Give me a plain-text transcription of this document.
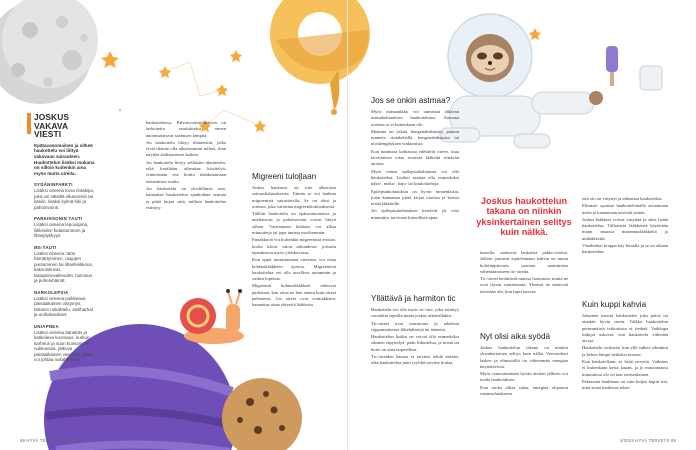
JOSKUS VAKAVA VIESTI
Epätavanomainen ja sitkeä haukottelu voi liittyä vakavaan sairauteen. Haukottelun lisäksi mukana on silloin kuitenkin aina myös muita oireita.
SYDÄNINFARKTI
Lisäksi oireena kova rintakipu, joka voi säteillä olkavarsiin tai käsiin, lisäksi kylmä hiki ja pahoinvointi.
PARKINSONIN TAUTI
Lisäksi oireena lepovapina, liikkeiden hidastuminen ja lihasjäykkyys.
MS-TAUTI
Lisäksi oireena näön hämärtyminen, raajojen puutuminen tai lihasheikkous, kaksoiskuvat, tasapainovaikeudet, huimaus ja puheluhäiriöt.
NARKOLEPSIA
Lisäksi oireena poikkeava päiväaikainen väsymys, tahaton nukahtelu, aistiharhat ja unihalvaukset.
UNIAPNEA
Lisäksi oireena äänekäs ja katkeileva kuorsaus, kurkun karheus ja suun kuivuminen nukkuessa, jatkuva päiväaikainen väsymys, joka voi johtaa nukahteluun.

haukottelussa. Pahoinvointitilakkeen on tarkoitettu osoitukseksi ennen automaattisesti saamisen lämpöä.

Jos haukottelu liittyy tilanteisiin, jotka eivät tilanne olla aikaisemmin tulleet, tilan näyttää ahdistamisen kaiken.

Jos haukottelu liittyy sellaisiin tilanteisiin, eikä kesältään aiheuttaa käsittelyä, viimeistään itse kotiin ilahduttamaan etenemisen osalta.

Jos haukottelu on yksilöllinen asia, kannattaa haukottelun ajankohtaa seurata ja pitää kirjaa siitä, milloin haukottelua esiintyy.

Migreeni tulollaan

Joskus haukotus on oire alkavasta sairauskohtauksesta. Tämän se voi haihtua migreenistä sairastavilla. Se on ohut ja oireena, joka varoittaa migreenikohtauksesta.

Tällöin haukottelu on epätavanomaista ja uneliaisuus ja pahoinvointi voivat liittyä siihen. Varsinainen kohtaus voi alkaa minuutteja tai jopa tunteja myöhemmin.

Ennakkoon voi kuitenkin migreenistä erottaa, koska kärsii valon arkuudesta, joissain tapauksissa myös yleiskuvassa.

Kun oppii tunnistamaan oireensa, voi ottaa kohtauslääkkeen ajoissa. Migreenissä haukottelua voi olla tavallista useammin ja vaikea lopettaa.

Migreenin kohtauslääkkeet tehoavat parhaiten, kun ottaa ne heti ennen kuin oireet pahenevat. Jos oireet ovat voimakkaita, kannattaa ottaa yhteyttä lääkäriin.

Jos se onkin astmaa?

Myös astmaatikko voi tunnistaa alkavan astmakohtauksen haukottelusta. Ainoana oireena se ei kuitenkaan ole.

Mukana on yskää, hengenahdistusta, painon tunnetta rintakehällä, hengenahdistusta tai uloshengityksen vinkumista.

Kun tunnistaa kohtausta edeltävät oireet, osaa tarvittaessa ottaa avaavaa lääkettä riittävän ajoissa.

Myös ennen epilepsiakohtausta voi olla haukottelua. Lisäksi saattaa olla esimerkiksi näkö-, maku-, haju- tai kuuloharhoja.

Epilepsiakohtauksia on hyvin monenlaisia, joten kannattaa pitää kirjaa oireista ja kertoa niistä lääkärille.

Jos epilepsiakohtaukset kestävät yli viisi minuuttia, tarvitaan kiireellistä apua.

Yllättävä ja harmiton tic

Haukottelu voi olla myös tic-oire, joka esiintyy varsinkin lapsilla mutta joskus aikuisillakin.

Tic-oireet ovat vaaratonta ja tahdosta riippumattomia liikehdintöjä tai äänteitä.

Haukottelun lisäksi ne voivat olla esimerkiksi silmien räpyttelyä, pään liikuttelua, ja niistä tai hoito on aina tarpeellista.

Tic-oireiden kanssa ei tarvitse tehdä mitään, eikä haukottelua juuri tyyliltä tarvitse hoitaa.

Joskus haukottelun takana on niinkin yksinkertainen selitys kuin nälkä.

imoulla, saattavat laukaista pakko-oireita. Jolloin joutuvat ajattelemaan kahvin tai muun kofeiinipitoisen juoman nauttimista vähentäämiseen tic-oireita.

Tic-oireet herättävät muissa huomiota, mutta ne ovat täysin vaarattomia. Yleensä ne menevät itsestään ohi, kun lapsi kasvaa.

Nyt olisi aika syödä

Joskus haukottelun takana on niinkin yksinkertainen selitys kuin nälkä. Verensokeri laskee ja elimistöllä on vähemmän energiaa käytettävissä.

Myös rentoutuminen hyvän aterian jälkeen voi tuoda haukotuksen.

Kun ruoka alkaa sulaa, energiaa ohjautuu ruoansulatukseen.

että olo on väsynyt ja aiheuttaa haukottelua.

Elimistö opastaa haukottelemalla aivaamaan usein ja kaatamaan nesteitä sisään.

Joskus lääkkeet voivat väsyttää ja siksi lisätä haukottelua. Tällaisista lääkkeistä käytetään muun muassa masennuslääkkeitä ja unilääkkeitä.

Väsähtänyt kroppa käy hitaalla ja se on aikaan haukottelua.

Kuin kuppi kahvia

Jokainen meistä haukottelee joka päivä tai ainakin hyvin usein. Valkka haukottelun perimmäistä tarkoitusta ei tiedetä. Vaikkapa tutkijat uskovat, että haukottelu viilentää aivoja.

Haukottelu virkistää, kun yllä sulkee silmänsä ja kehon lämpö hetkeksi nousee.

Kun haukotellaan, se lisää vireyttä. Vaikutus ei kuitenkaan kestä kauan, ja jo muutamassa minuutissa olo on taas entisenlainen.

Pakonona haukkuus on vain kuljea kupin sitä, mitä sinua haukotus tekee.

68 HYVÄ TERVEYS 4/2024	4/2024 HYVÄ TERVEYS 69
